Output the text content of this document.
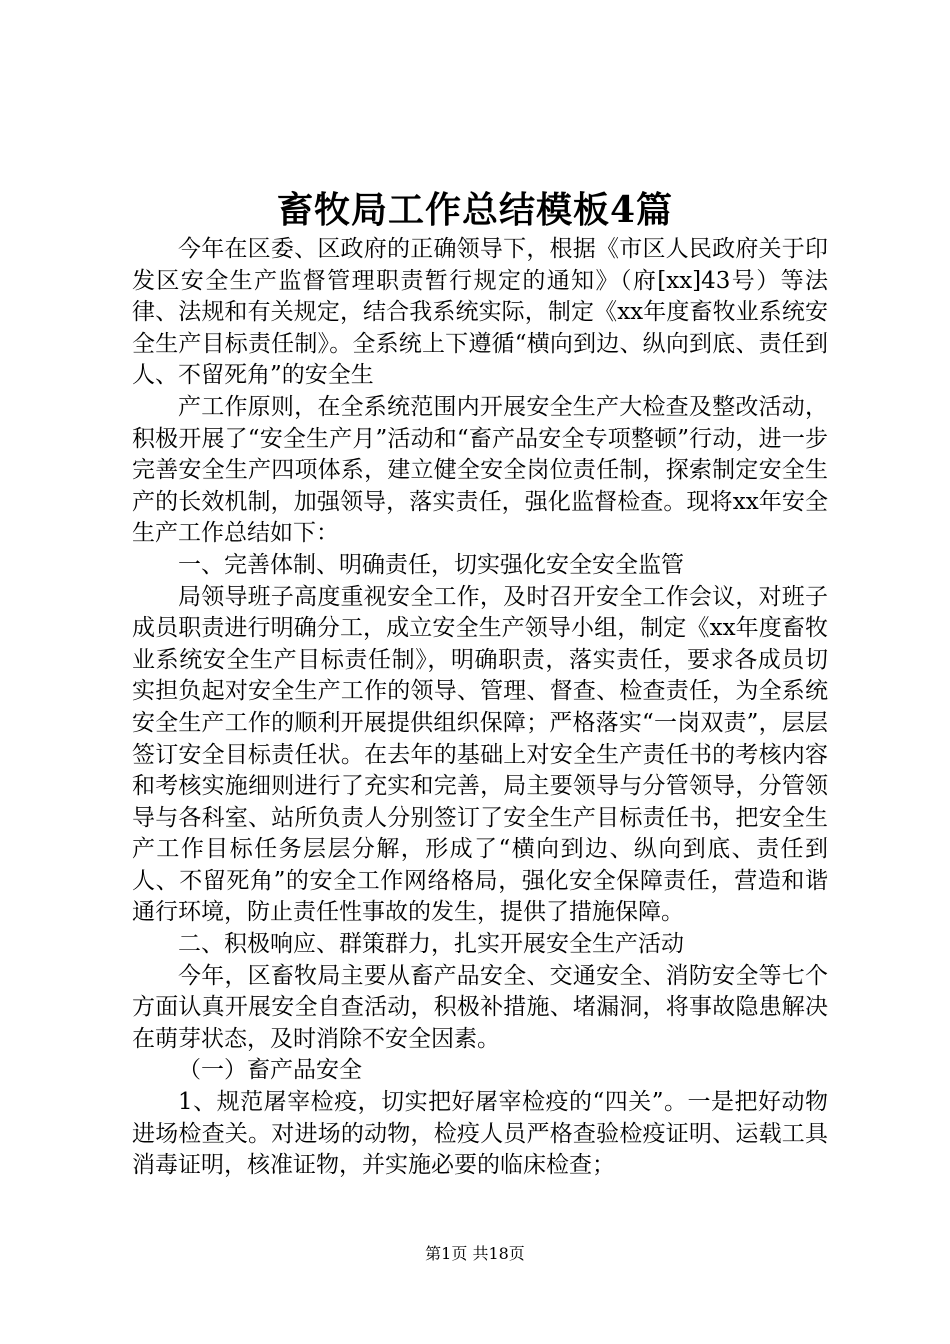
畜牧局工作总结模板4篇

今年在区委、区政府的正确领导下，根据《市区人民政府关于印发区安全生产监督管理职责暂行规定的通知》（府[xx]43号）等法律、法规和有关规定，结合我系统实际，制定《xx年度畜牧业系统安全生产目标责任制》。全系统上下遵循“横向到边、纵向到底、责任到人、不留死角”的安全生

产工作原则，在全系统范围内开展安全生产大检查及整改活动，积极开展了“安全生产月”活动和“畜产品安全专项整顿”行动，进一步完善安全生产四项体系，建立健全安全岗位责任制，探索制定安全生产的长效机制，加强领导，落实责任，强化监督检查。现将xx年安全生产工作总结如下：

一、完善体制、明确责任，切实强化安全安全监管

局领导班子高度重视安全工作，及时召开安全工作会议，对班子成员职责进行明确分工，成立安全生产领导小组，制定《xx年度畜牧业系统安全生产目标责任制》，明确职责，落实责任，要求各成员切实担负起对安全生产工作的领导、管理、督查、检查责任，为全系统安全生产工作的顺利开展提供组织保障；严格落实“一岗双责”，层层签订安全目标责任状。在去年的基础上对安全生产责任书的考核内容和考核实施细则进行了充实和完善，局主要领导与分管领导，分管领导与各科室、站所负责人分别签订了安全生产目标责任书，把安全生产工作目标任务层层分解，形成了“横向到边、纵向到底、责任到人、不留死角”的安全工作网络格局，强化安全保障责任，营造和谐通行环境，防止责任性事故的发生，提供了措施保障。

二、积极响应、群策群力，扎实开展安全生产活动

今年，区畜牧局主要从畜产品安全、交通安全、消防安全等七个方面认真开展安全自查活动，积极补措施、堵漏洞，将事故隐患解决在萌芽状态，及时消除不安全因素。

（一）畜产品安全

1、规范屠宰检疫，切实把好屠宰检疫的“四关”。一是把好动物进场检查关。对进场的动物，检疫人员严格查验检疫证明、运载工具消毒证明，核准证物，并实施必要的临床检查；

第1页 共18页
